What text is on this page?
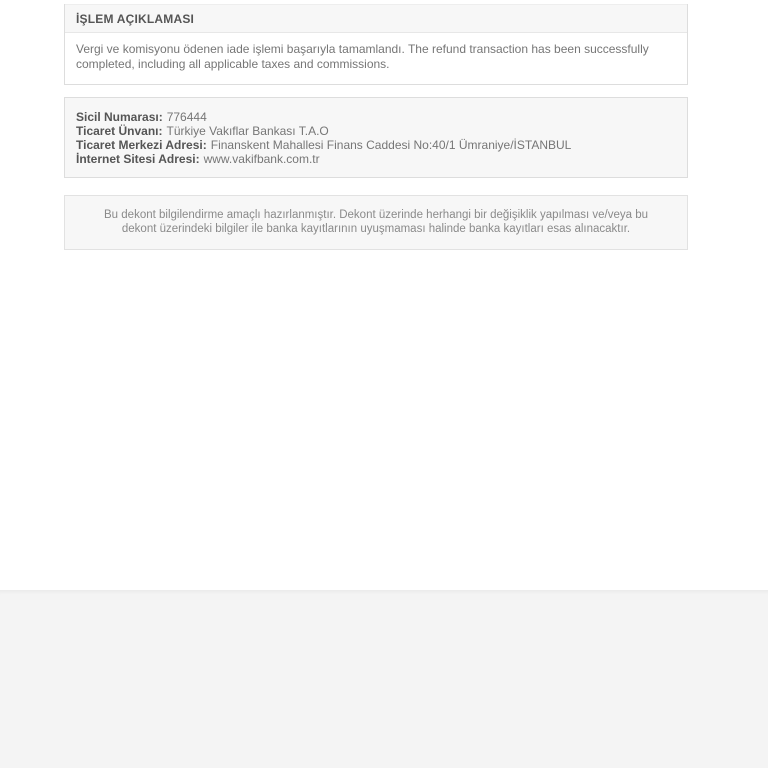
İŞLEM AÇIKLAMASI
Vergi ve komisyonu ödenen iade işlemi başarıyla tamamlandı. The refund transaction has been successfully completed, including all applicable taxes and commissions.
Sicil Numarası: 776444
Ticaret Ünvanı: Türkiye Vakıflar Bankası T.A.O
Ticaret Merkezi Adresi: Finanskent Mahallesi Finans Caddesi No:40/1 Ümraniye/İSTANBUL
İnternet Sitesi Adresi: www.vakifbank.com.tr
Bu dekont bilgilendirme amaçlı hazırlanmıştır. Dekont üzerinde herhangi bir değişiklik yapılması ve/veya bu dekont üzerindeki bilgiler ile banka kayıtlarının uyuşmaması halinde banka kayıtları esas alınacaktır.
